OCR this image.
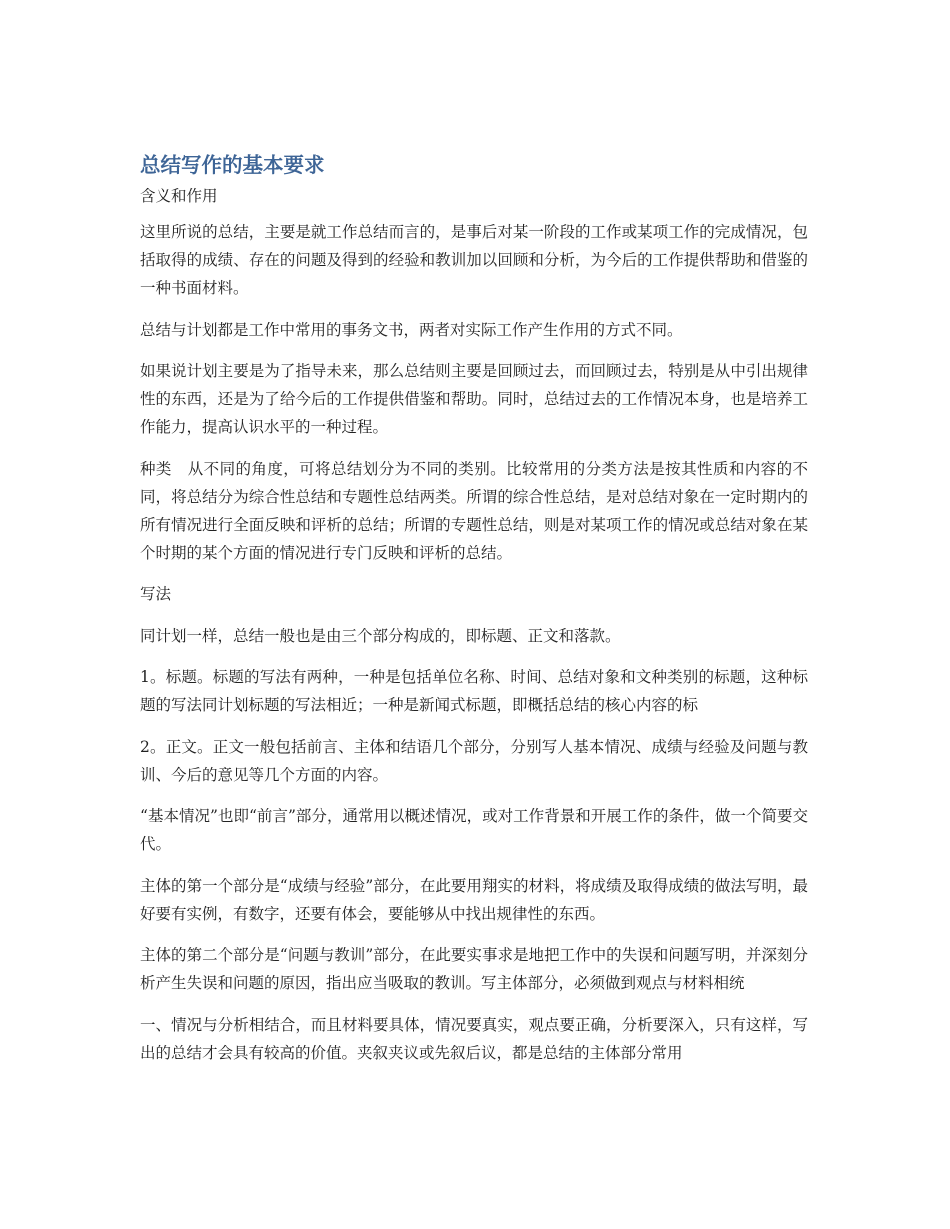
总结写作的基本要求
含义和作用

这里所说的总结，主要是就工作总结而言的，是事后对某一阶段的工作或某项工作的完成情况，包括取得的成绩、存在的问题及得到的经验和教训加以回顾和分析，为今后的工作提供帮助和借鉴的一种书面材料。

总结与计划都是工作中常用的事务文书，两者对实际工作产生作用的方式不同。

如果说计划主要是为了指导未来，那么总结则主要是回顾过去，而回顾过去，特别是从中引出规律性的东西，还是为了给今后的工作提供借鉴和帮助。同时，总结过去的工作情况本身，也是培养工作能力，提高认识水平的一种过程。

种类　从不同的角度，可将总结划分为不同的类别。比较常用的分类方法是按其性质和内容的不同，将总结分为综合性总结和专题性总结两类。所谓的综合性总结，是对总结对象在一定时期内的所有情况进行全面反映和评析的总结；所谓的专题性总结，则是对某项工作的情况或总结对象在某个时期的某个方面的情况进行专门反映和评析的总结。

写法

同计划一样，总结一般也是由三个部分构成的，即标题、正文和落款。

1。标题。标题的写法有两种，一种是包括单位名称、时间、总结对象和文种类别的标题，这种标题的写法同计划标题的写法相近；一种是新闻式标题，即概括总结的核心内容的标

2。正文。正文一般包括前言、主体和结语几个部分，分别写人基本情况、成绩与经验及问题与教训、今后的意见等几个方面的内容。

“基本情况”也即“前言”部分，通常用以概述情况，或对工作背景和开展工作的条件，做一个简要交代。

主体的第一个部分是“成绩与经验”部分，在此要用翔实的材料，将成绩及取得成绩的做法写明，最好要有实例，有数字，还要有体会，要能够从中找出规律性的东西。

主体的第二个部分是“问题与教训”部分，在此要实事求是地把工作中的失误和问题写明，并深刻分析产生失误和问题的原因，指出应当吸取的教训。写主体部分，必须做到观点与材料相统

一、情况与分析相结合，而且材料要具体，情况要真实，观点要正确，分析要深入，只有这样，写出的总结才会具有较高的价值。夹叙夹议或先叙后议，都是总结的主体部分常用
